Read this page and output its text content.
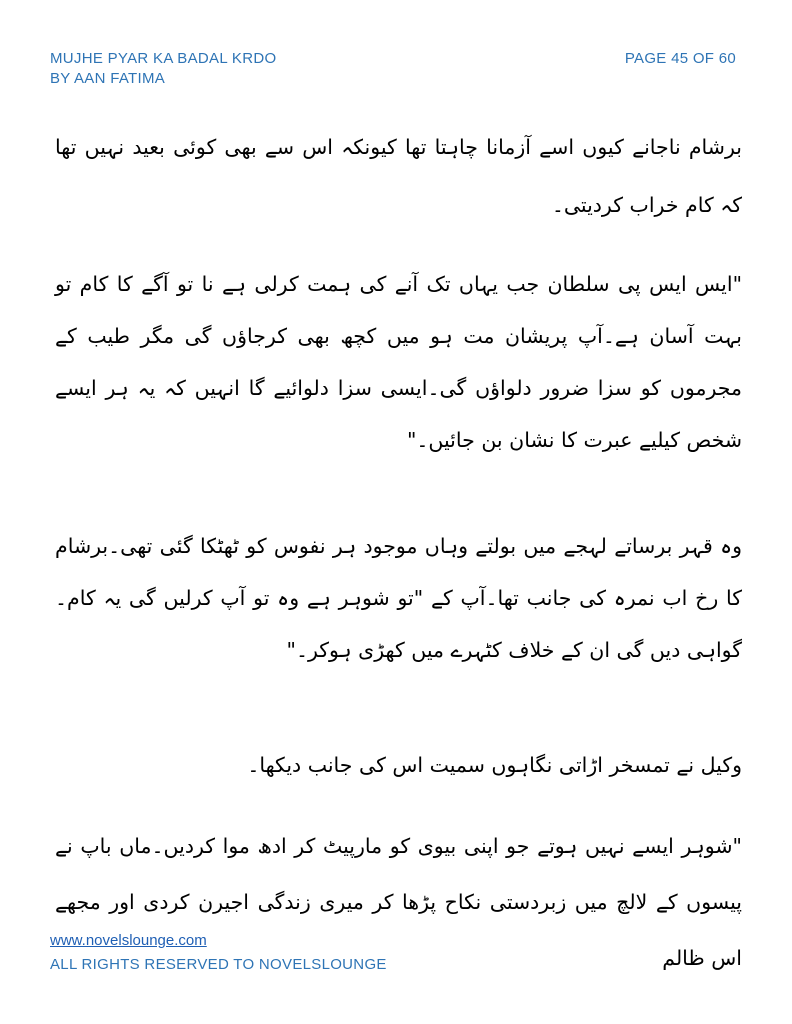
MUJHE PYAR KA BADAL KRDO
BY AAN FATIMA
PAGE 45 OF 60

برشام ناجانے کیوں اسے آزمانا چاہتا تھا کیونکہ اس سے بھی کوئی بعید نہیں تھا کہ کام خراب کردیتی۔

"ایس ایس پی سلطان جب یہاں تک آنے کی ہمت کرلی ہے نا تو آگے کا کام تو بہت آسان ہے۔آپ پریشان مت ہو میں کچھ بھی کرجاؤں گی مگر طیب کے مجرموں کو سزا ضرور دلواؤں گی۔ایسی سزا دلوائیے گا انہیں کہ یہ ہر ایسے شخص کیلیے عبرت کا نشان بن جائیں۔"

وہ قہر برساتے لہجے میں بولتے وہاں موجود ہر نفوس کو ٹھٹکا گئی تھی۔برشام کا رخ اب نمرہ کی جانب تھا۔آپ کے "تو شوہر ہے وہ تو آپ کرلیں گی یہ کام۔گواہی دیں گی ان کے خلاف کٹہرے میں کھڑی ہوکر۔"

وکیل نے تمسخر اڑاتی نگاہوں سمیت اس کی جانب دیکھا۔

"شوہر ایسے نہیں ہوتے جو اپنی بیوی کو مارپیٹ کر ادھ موا کردیں۔ماں باپ نے پیسوں کے لالچ میں زبردستی نکاح پڑھا کر میری زندگی اجیرن کردی اور مجھے اس ظالم

www.novelslounge.com
ALL RIGHTS RESERVED TO NOVELSLOUNGE
